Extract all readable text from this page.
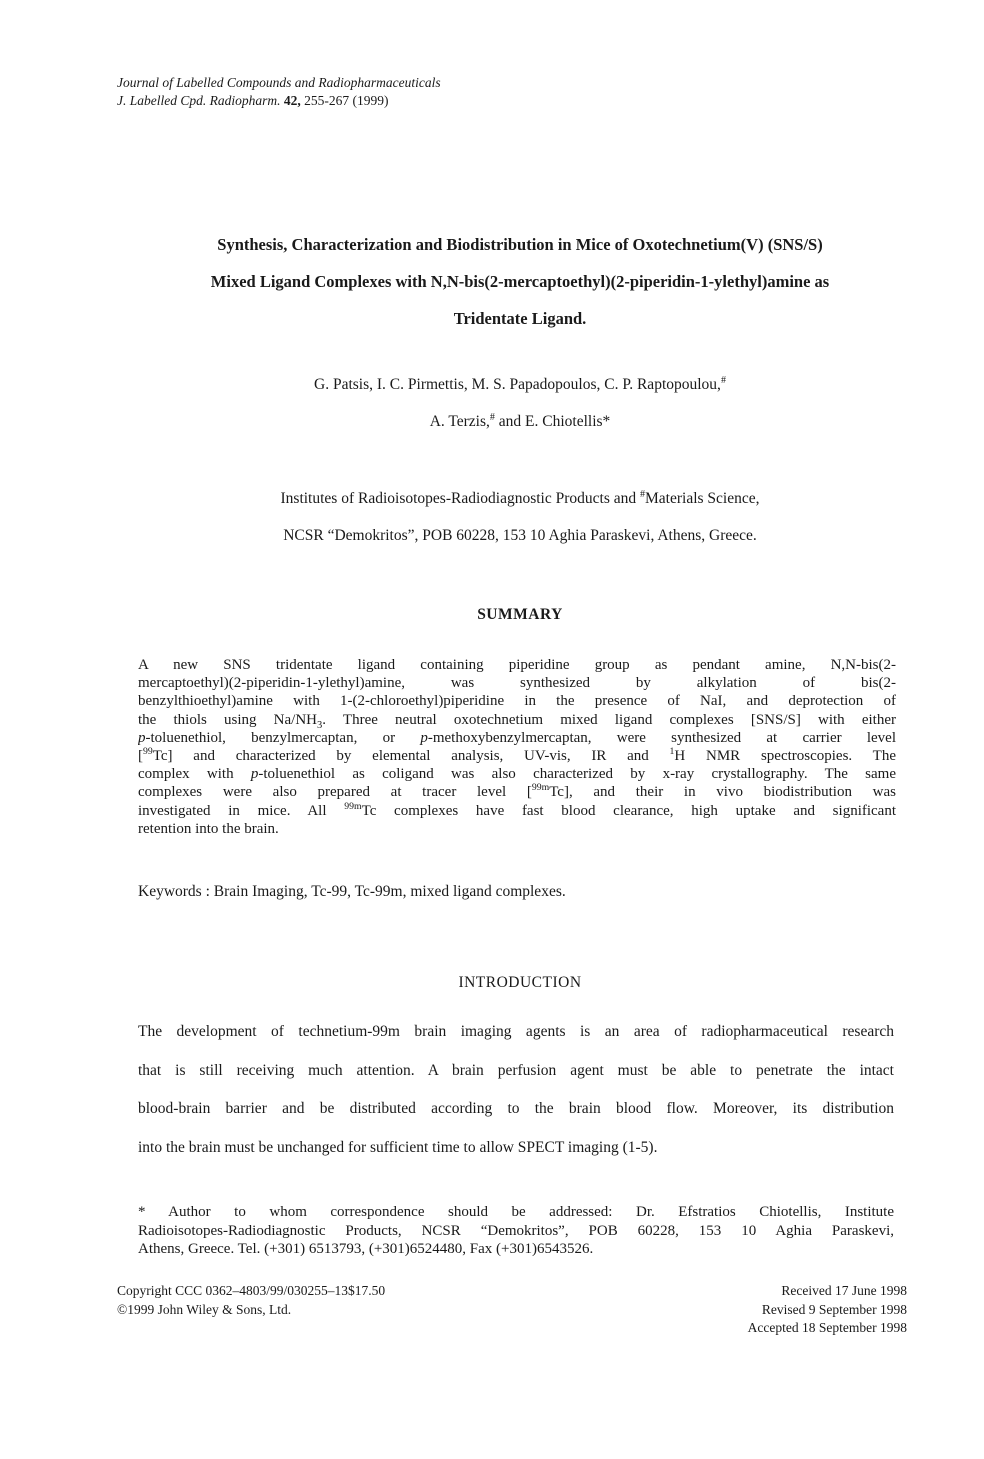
Journal of Labelled Compounds and Radiopharmaceuticals
J. Labelled Cpd. Radiopharm. 42, 255-267 (1999)
Synthesis, Characterization and Biodistribution in Mice of Oxotechnetium(V) (SNS/S)
Mixed Ligand Complexes with N,N-bis(2-mercaptoethyl)(2-piperidin-1-ylethyl)amine as
Tridentate Ligand.
G. Patsis, I. C. Pirmettis, M. S. Papadopoulos, C. P. Raptopoulou,#
A. Terzis,# and E. Chiotellis*
Institutes of Radioisotopes-Radiodiagnostic Products and #Materials Science,
NCSR “Demokritos”, POB 60228, 153 10 Aghia Paraskevi, Athens, Greece.
SUMMARY
A new SNS tridentate ligand containing piperidine group as pendant amine, N,N-bis(2-
mercaptoethyl)(2-piperidin-1-ylethyl)amine, was synthesized by alkylation of bis(2-
benzylthioethyl)amine with 1-(2-chloroethyl)piperidine in the presence of NaI, and deprotection of
the thiols using $Na/NH_3$. Three neutral oxotechnetium mixed ligand complexes [SNS/S] with either
p-toluenethiol, benzylmercaptan, or p-methoxybenzylmercaptan, were synthesized at carrier level
[$^{99}$Tc] and characterized by elemental analysis, UV-vis, IR and $^1$H NMR spectroscopies. The
complex with p-toluenethiol as coligand was also characterized by x-ray crystallography. The same
complexes were also prepared at tracer level [$^{99m}$Tc], and their in vivo biodistribution was
investigated in mice. All $^{99m}$Tc complexes have fast blood clearance, high uptake and significant
retention into the brain.
Keywords : Brain Imaging, Tc-99, Tc-99m, mixed ligand complexes.
INTRODUCTION
The development of technetium-99m brain imaging agents is an area of radiopharmaceutical research
that is still receiving much attention. A brain perfusion agent must be able to penetrate the intact
blood-brain barrier and be distributed according to the brain blood flow. Moreover, its distribution
into the brain must be unchanged for sufficient time to allow SPECT imaging (1-5).
* Author to whom correspondence should be addressed: Dr. Efstratios Chiotellis, Institute
Radioisotopes-Radiodiagnostic Products, NCSR “Demokritos”, POB 60228, 153 10 Aghia Paraskevi,
Athens, Greece. Tel. (+301) 6513793, (+301)6524480, Fax (+301)6543526.
Copyright CCC 0362–4803/99/030255–13$17.50
©1999 John Wiley & Sons, Ltd.
Received 17 June 1998
Revised 9 September 1998
Accepted 18 September 1998
